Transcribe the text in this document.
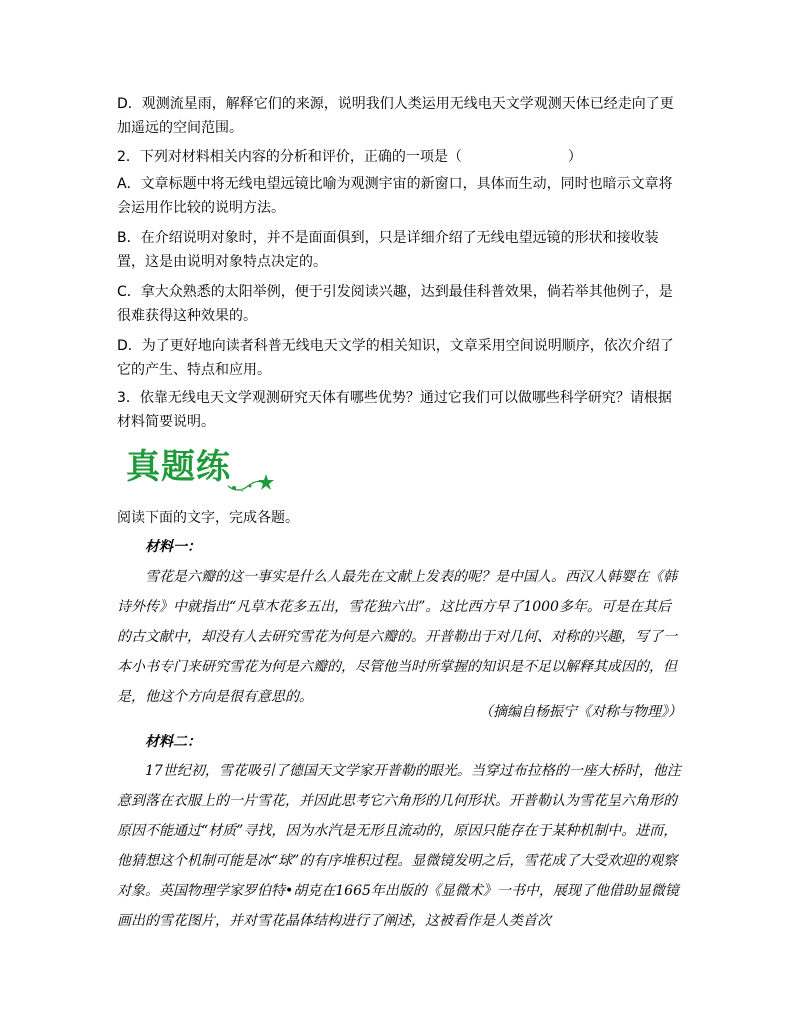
D．观测流星雨，解释它们的来源，说明我们人类运用无线电天文学观测天体已经走向了更加遥远的空间范围。

2．下列对材料相关内容的分析和评价，正确的一项是（	）

A．文章标题中将无线电望远镜比喻为观测宇宙的新窗口，具体而生动，同时也暗示文章将会运用作比较的说明方法。

B．在介绍说明对象时，并不是面面俱到，只是详细介绍了无线电望远镜的形状和接收装置，这是由说明对象特点决定的。

C．拿大众熟悉的太阳举例，便于引发阅读兴趣，达到最佳科普效果，倘若举其他例子，是很难获得这种效果的。

D．为了更好地向读者科普无线电天文学的相关知识，文章采用空间说明顺序，依次介绍了它的产生、特点和应用。

3．依靠无线电天文学观测研究天体有哪些优势？通过它我们可以做哪些科学研究？请根据材料简要说明。

真题练

阅读下面的文字，完成各题。

材料一：

雪花是六瓣的这一事实是什么人最先在文献上发表的呢？是中国人。西汉人韩婴在《韩诗外传》中就指出“凡草木花多五出，雪花独六出”。这比西方早了1000多年。可是在其后的古文献中，却没有人去研究雪花为何是六瓣的。开普勒出于对几何、对称的兴趣，写了一本小书专门来研究雪花为何是六瓣的，尽管他当时所掌握的知识是不足以解释其成因的，但是，他这个方向是很有意思的。

（摘编自杨振宁《对称与物理》）

材料二：

17世纪初，雪花吸引了德国天文学家开普勒的眼光。当穿过布拉格的一座大桥时，他注意到落在衣服上的一片雪花，并因此思考它六角形的几何形状。开普勒认为雪花呈六角形的原因不能通过“材质”寻找，因为水汽是无形且流动的，原因只能存在于某种机制中。进而，他猜想这个机制可能是冰“球”的有序堆积过程。显微镜发明之后，雪花成了大受欢迎的观察对象。英国物理学家罗伯特•胡克在1665年出版的《显微术》一书中，展现了他借助显微镜画出的雪花图片，并对雪花晶体结构进行了阐述，这被看作是人类首次
